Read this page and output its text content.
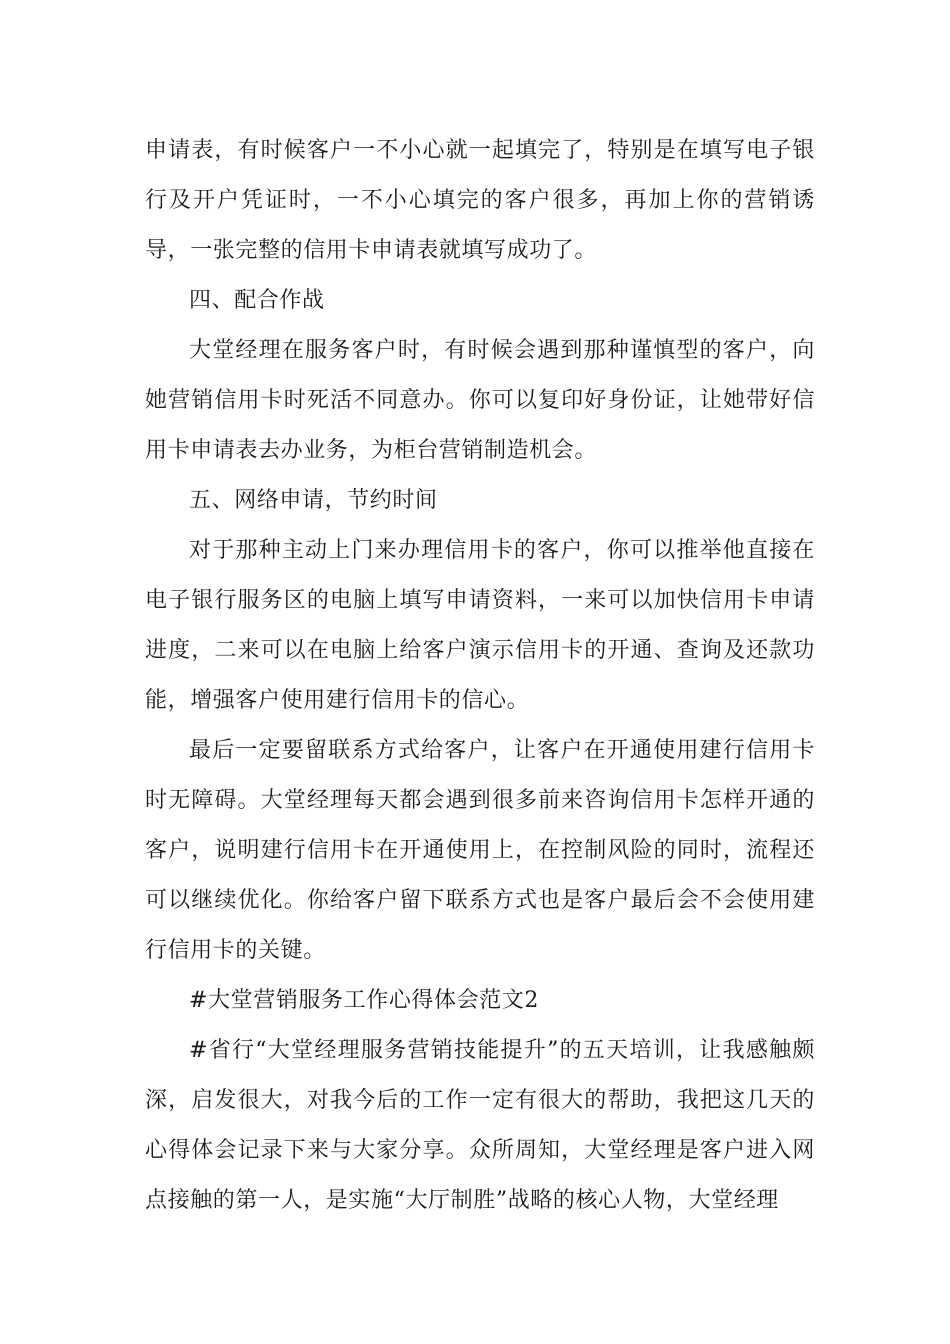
申请表，有时候客户一不小心就一起填完了，特别是在填写电子银行及开户凭证时，一不小心填完的客户很多，再加上你的营销诱导，一张完整的信用卡申请表就填写成功了。

四、配合作战

大堂经理在服务客户时，有时候会遇到那种谨慎型的客户，向她营销信用卡时死活不同意办。你可以复印好身份证，让她带好信用卡申请表去办业务，为柜台营销制造机会。

五、网络申请，节约时间

对于那种主动上门来办理信用卡的客户，你可以推举他直接在电子银行服务区的电脑上填写申请资料，一来可以加快信用卡申请进度，二来可以在电脑上给客户演示信用卡的开通、查询及还款功能，增强客户使用建行信用卡的信心。

最后一定要留联系方式给客户，让客户在开通使用建行信用卡时无障碍。大堂经理每天都会遇到很多前来咨询信用卡怎样开通的客户，说明建行信用卡在开通使用上，在控制风险的同时，流程还可以继续优化。你给客户留下联系方式也是客户最后会不会使用建行信用卡的关键。

#大堂营销服务工作心得体会范文2

#省行“大堂经理服务营销技能提升”的五天培训，让我感触颇深，启发很大，对我今后的工作一定有很大的帮助，我把这几天的心得体会记录下来与大家分享。众所周知，大堂经理是客户进入网点接触的第一人，是实施“大厅制胜”战略的核心人物，大堂经理
